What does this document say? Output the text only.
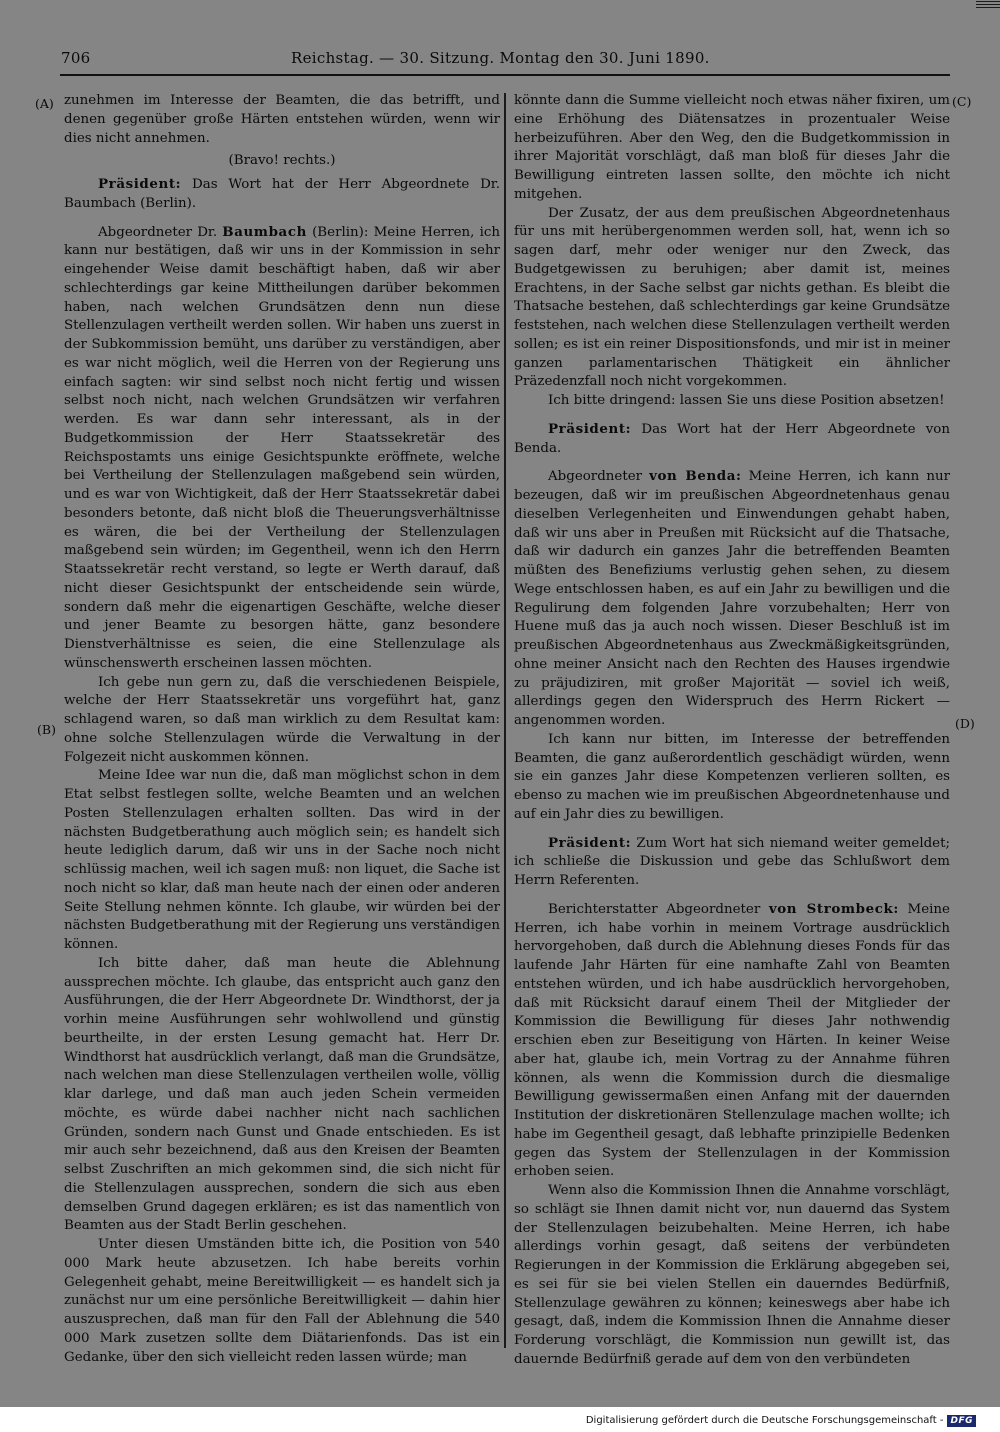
706	Reichstag. — 30. Sitzung. Montag den 30. Juni 1890.
(A)
(B)
(C)
(D)

zunehmen im Interesse der Beamten, die das betrifft, und denen gegenüber große Härten entstehen würden, wenn wir dies nicht annehmen.

(Bravo! rechts.)

Präsident: Das Wort hat der Herr Abgeordnete Dr. Baumbach (Berlin).

Abgeordneter Dr. Baumbach (Berlin): Meine Herren, ich kann nur bestätigen, daß wir uns in der Kommission in sehr eingehender Weise damit beschäftigt haben, daß wir aber schlechterdings gar keine Mittheilungen darüber bekommen haben, nach welchen Grundsätzen denn nun diese Stellenzulagen vertheilt werden sollen. Wir haben uns zuerst in der Subkommission bemüht, uns darüber zu verständigen, aber es war nicht möglich, weil die Herren von der Regierung uns einfach sagten: wir sind selbst noch nicht fertig und wissen selbst noch nicht, nach welchen Grundsätzen wir verfahren werden. Es war dann sehr interessant, als in der Budgetkommission der Herr Staatssekretär des Reichspostamts uns einige Gesichtspunkte eröffnete, welche bei Vertheilung der Stellenzulagen maßgebend sein würden, und es war von Wichtigkeit, daß der Herr Staatssekretär dabei besonders betonte, daß nicht bloß die Theuerungsverhältnisse es wären, die bei der Vertheilung der Stellenzulagen maßgebend sein würden; im Gegentheil, wenn ich den Herrn Staatssekretär recht verstand, so legte er Werth darauf, daß nicht dieser Gesichtspunkt der entscheidende sein würde, sondern daß mehr die eigenartigen Geschäfte, welche dieser und jener Beamte zu besorgen hätte, ganz besondere Dienstverhältnisse es seien, die eine Stellenzulage als wünschenswerth erscheinen lassen möchten.

Ich gebe nun gern zu, daß die verschiedenen Beispiele, welche der Herr Staatssekretär uns vorgeführt hat, ganz schlagend waren, so daß man wirklich zu dem Resultat kam: ohne solche Stellenzulagen würde die Verwaltung in der Folgezeit nicht auskommen können.

Meine Idee war nun die, daß man möglichst schon in dem Etat selbst festlegen sollte, welche Beamten und an welchen Posten Stellenzulagen erhalten sollten. Das wird in der nächsten Budgetberathung auch möglich sein; es handelt sich heute lediglich darum, daß wir uns in der Sache noch nicht schlüssig machen, weil ich sagen muß: non liquet, die Sache ist noch nicht so klar, daß man heute nach der einen oder anderen Seite Stellung nehmen könnte. Ich glaube, wir würden bei der nächsten Budgetberathung mit der Regierung uns verständigen können.

Ich bitte daher, daß man heute die Ablehnung aussprechen möchte. Ich glaube, das entspricht auch ganz den Ausführungen, die der Herr Abgeordnete Dr. Windthorst, der ja vorhin meine Ausführungen sehr wohlwollend und günstig beurtheilte, in der ersten Lesung gemacht hat. Herr Dr. Windthorst hat ausdrücklich verlangt, daß man die Grundsätze, nach welchen man diese Stellenzulagen vertheilen wolle, völlig klar darlege, und daß man auch jeden Schein vermeiden möchte, es würde dabei nachher nicht nach sachlichen Gründen, sondern nach Gunst und Gnade entschieden. Es ist mir auch sehr bezeichnend, daß aus den Kreisen der Beamten selbst Zuschriften an mich gekommen sind, die sich nicht für die Stellenzulagen aussprechen, sondern die sich aus eben demselben Grund dagegen erklären; es ist das namentlich von Beamten aus der Stadt Berlin geschehen.

Unter diesen Umständen bitte ich, die Position von 540 000 Mark heute abzusetzen. Ich habe bereits vorhin Gelegenheit gehabt, meine Bereitwilligkeit — es handelt sich ja zunächst nur um eine persönliche Bereitwilligkeit — dahin hier auszusprechen, daß man für den Fall der Ablehnung die 540 000 Mark zusetzen sollte dem Diätarienfonds. Das ist ein Gedanke, über den sich vielleicht reden lassen würde; man

könnte dann die Summe vielleicht noch etwas näher fixiren, um eine Erhöhung des Diätensatzes in prozentualer Weise herbeizuführen. Aber den Weg, den die Budgetkommission in ihrer Majorität vorschlägt, daß man bloß für dieses Jahr die Bewilligung eintreten lassen sollte, den möchte ich nicht mitgehen.

Der Zusatz, der aus dem preußischen Abgeordnetenhaus für uns mit herübergenommen werden soll, hat, wenn ich so sagen darf, mehr oder weniger nur den Zweck, das Budgetgewissen zu beruhigen; aber damit ist, meines Erachtens, in der Sache selbst gar nichts gethan. Es bleibt die Thatsache bestehen, daß schlechterdings gar keine Grundsätze feststehen, nach welchen diese Stellenzulagen vertheilt werden sollen; es ist ein reiner Dispositionsfonds, und mir ist in meiner ganzen parlamentarischen Thätigkeit ein ähnlicher Präzedenzfall noch nicht vorgekommen.

Ich bitte dringend: lassen Sie uns diese Position absetzen!

Präsident: Das Wort hat der Herr Abgeordnete von Benda.

Abgeordneter von Benda: Meine Herren, ich kann nur bezeugen, daß wir im preußischen Abgeordnetenhaus genau dieselben Verlegenheiten und Einwendungen gehabt haben, daß wir uns aber in Preußen mit Rücksicht auf die Thatsache, daß wir dadurch ein ganzes Jahr die betreffenden Beamten müßten des Benefiziums verlustig gehen sehen, zu diesem Wege entschlossen haben, es auf ein Jahr zu bewilligen und die Regulirung dem folgenden Jahre vorzubehalten; Herr von Huene muß das ja auch noch wissen. Dieser Beschluß ist im preußischen Abgeordnetenhaus aus Zweckmäßigkeitsgründen, ohne meiner Ansicht nach den Rechten des Hauses irgendwie zu präjudiziren, mit großer Majorität — soviel ich weiß, allerdings gegen den Widerspruch des Herrn Rickert — angenommen worden.

Ich kann nur bitten, im Interesse der betreffenden Beamten, die ganz außerordentlich geschädigt würden, wenn sie ein ganzes Jahr diese Kompetenzen verlieren sollten, es ebenso zu machen wie im preußischen Abgeordnetenhause und auf ein Jahr dies zu bewilligen.

Präsident: Zum Wort hat sich niemand weiter gemeldet; ich schließe die Diskussion und gebe das Schlußwort dem Herrn Referenten.

Berichterstatter Abgeordneter von Strombeck: Meine Herren, ich habe vorhin in meinem Vortrage ausdrücklich hervorgehoben, daß durch die Ablehnung dieses Fonds für das laufende Jahr Härten für eine namhafte Zahl von Beamten entstehen würden, und ich habe ausdrücklich hervorgehoben, daß mit Rücksicht darauf einem Theil der Mitglieder der Kommission die Bewilligung für dieses Jahr nothwendig erschien eben zur Beseitigung von Härten. In keiner Weise aber hat, glaube ich, mein Vortrag zu der Annahme führen können, als wenn die Kommission durch die diesmalige Bewilligung gewissermaßen einen Anfang mit der dauernden Institution der diskretionären Stellenzulage machen wollte; ich habe im Gegentheil gesagt, daß lebhafte prinzipielle Bedenken gegen das System der Stellenzulagen in der Kommission erhoben seien.

Wenn also die Kommission Ihnen die Annahme vorschlägt, so schlägt sie Ihnen damit nicht vor, nun dauernd das System der Stellenzulagen beizubehalten. Meine Herren, ich habe allerdings vorhin gesagt, daß seitens der verbündeten Regierungen in der Kommission die Erklärung abgegeben sei, es sei für sie bei vielen Stellen ein dauerndes Bedürfniß, Stellenzulage gewähren zu können; keineswegs aber habe ich gesagt, daß, indem die Kommission Ihnen die Annahme dieser Forderung vorschlägt, die Kommission nun gewillt ist, das dauernde Bedürfniß gerade auf dem von den verbündeten

Digitalisierung gefördert durch die Deutsche Forschungsgemeinschaft - DFG
